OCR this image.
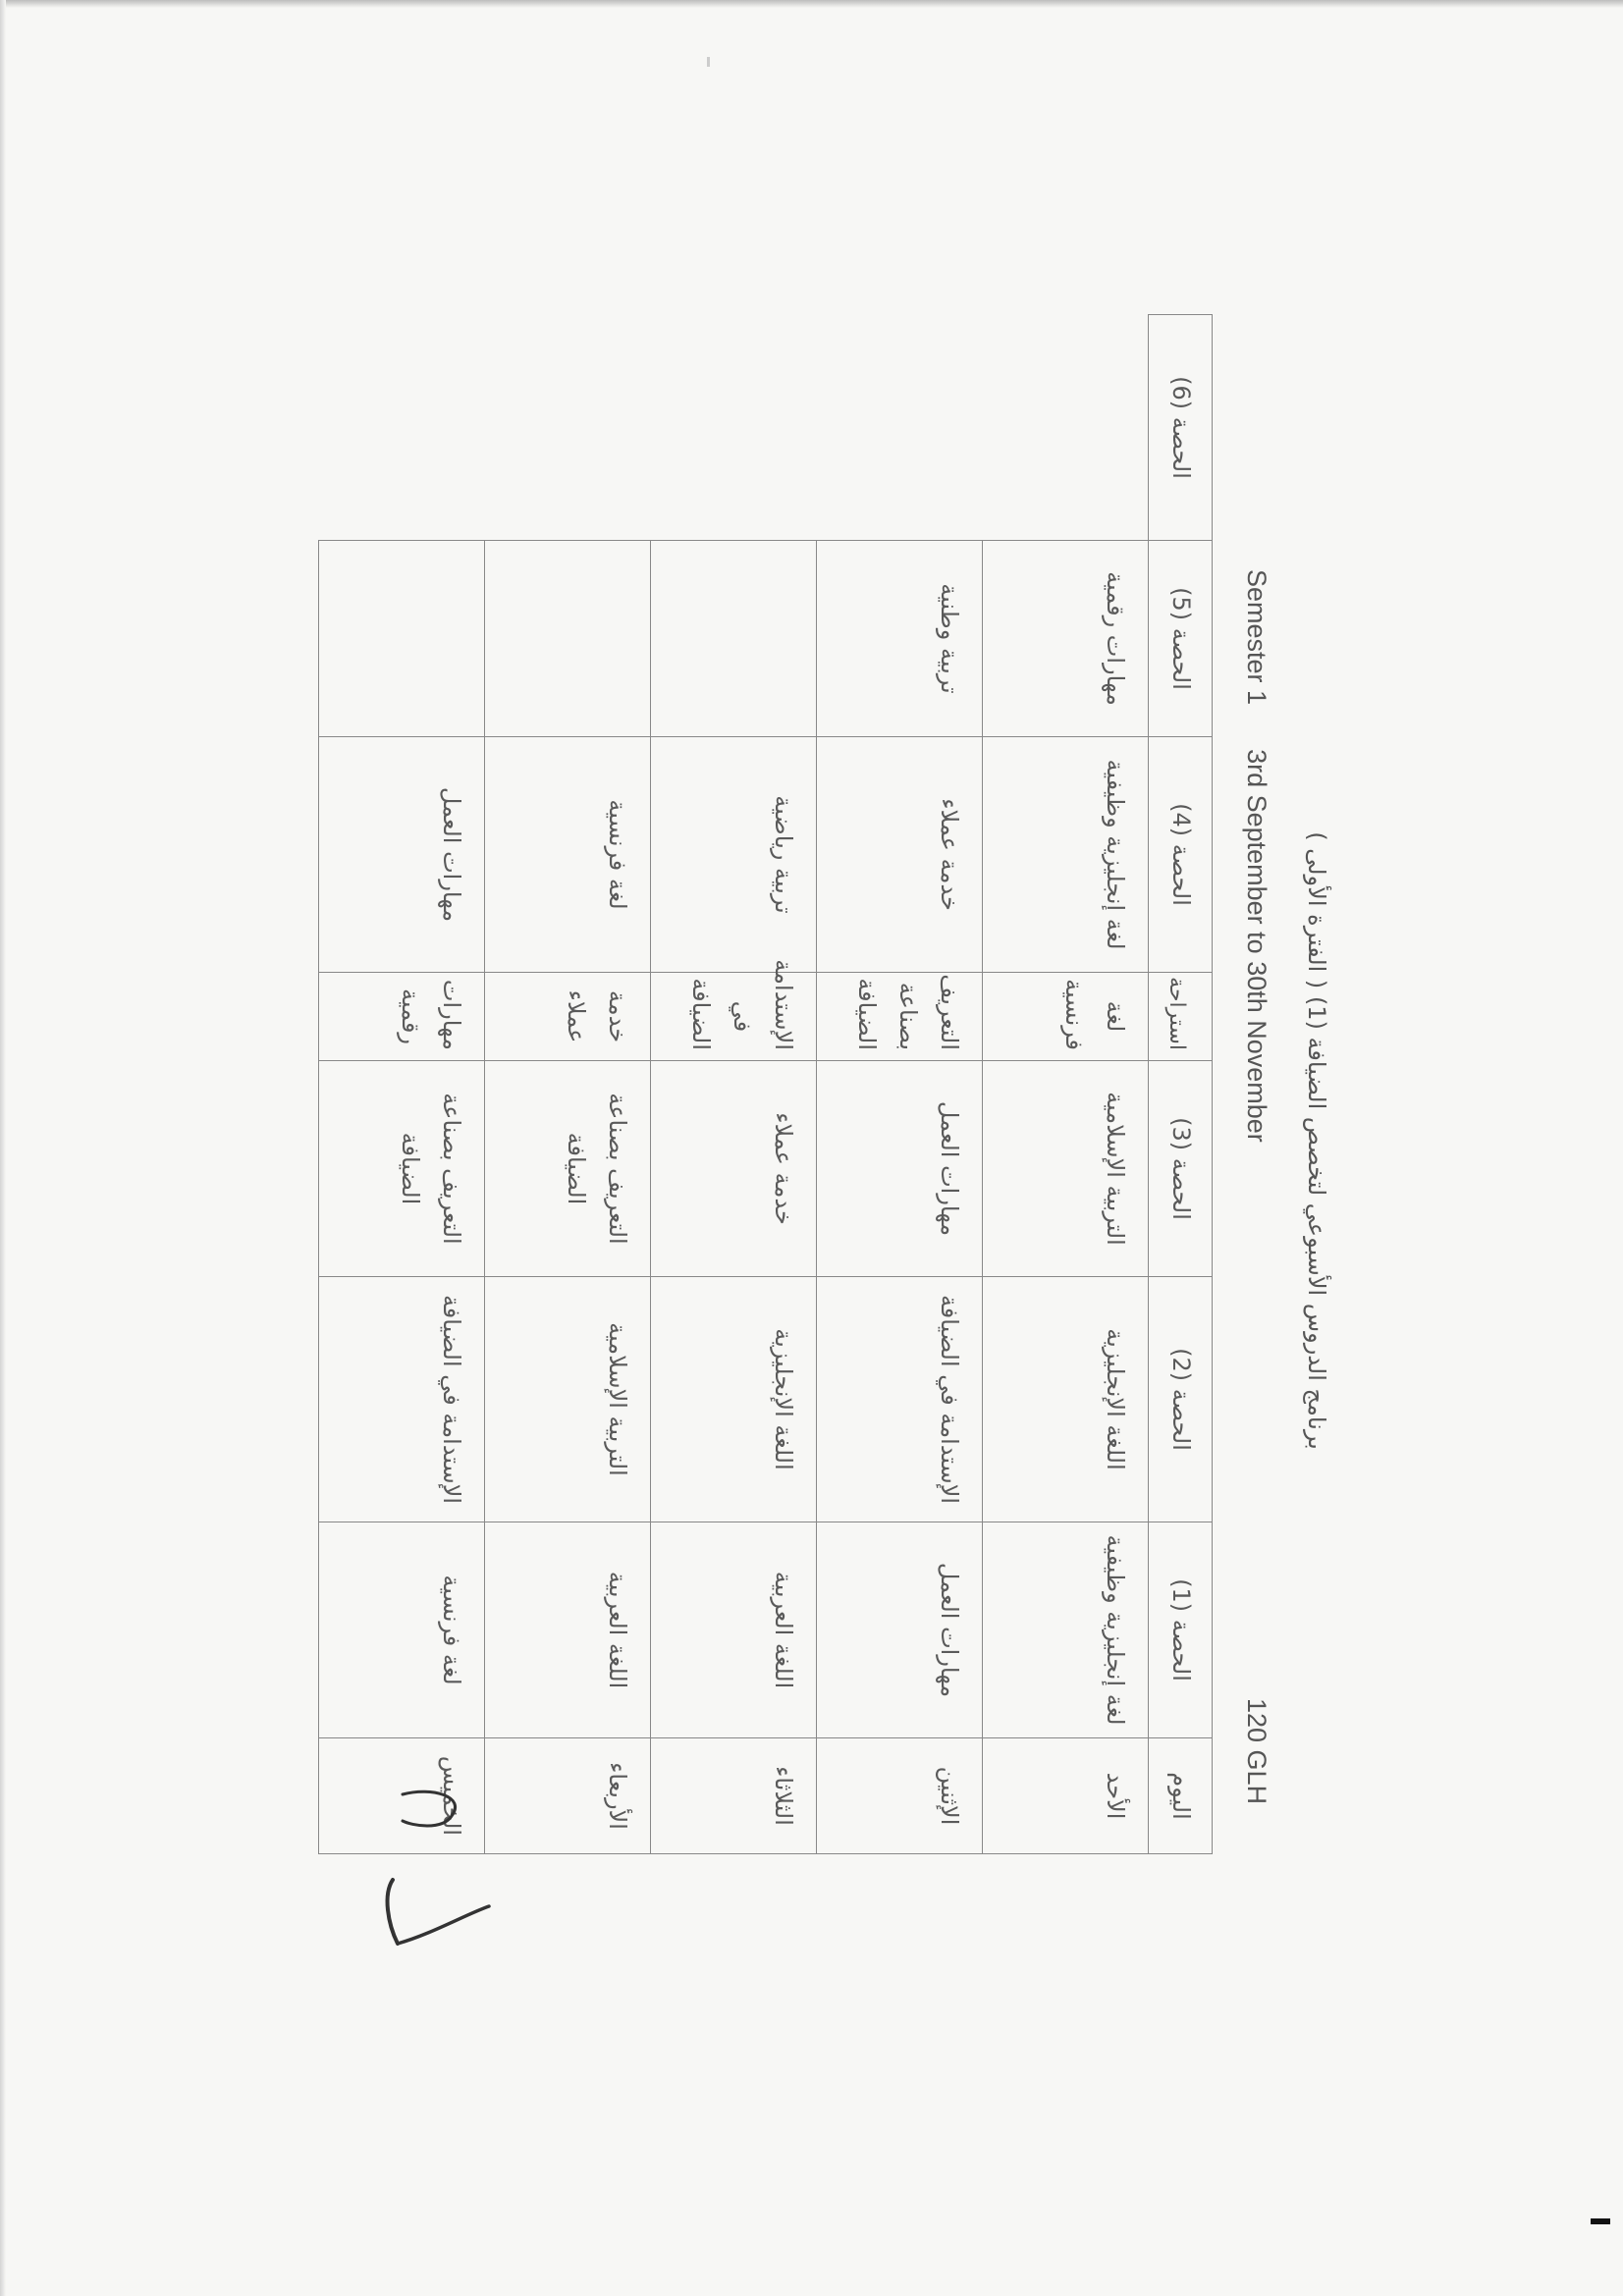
برنامج الدروس الأسبوعي لتخصص الضيافة (1) ( الفترة الأولى )
Semester 1      3rd September to 30th November
120 GLH
اليوم	الحصة (1)	الحصة (2)	الحصة (3)	استراحة	الحصة (4)	الحصة (5)	الحصة (6)
الأحد	لغة إنجليزية وظيفية	اللغة الإنجليزية	التربية الإسلامية	لغة فرنسية	لغة إنجليزية وظيفية	مهارات رقمية	
الإثنين	مهارات العمل	الإستدامة في الضيافة	مهارات العمل	التعريف بصناعة الضيافة	خدمة عملاء	تربية وطنية	
الثلاثاء	اللغة العربية	اللغة الإنجليزية	خدمة عملاء	الإستدامة في الضيافة	تربية رياضية		
الأربعاء	اللغة العربية	التربية الإسلامية	التعريف بصناعة الضيافة	خدمة عملاء	لغة فرنسية		
الخميس	لغة فرنسية	الإستدامة في الضيافة	التعريف بصناعة الضيافة	مهارات رقمية	مهارات العمل		
